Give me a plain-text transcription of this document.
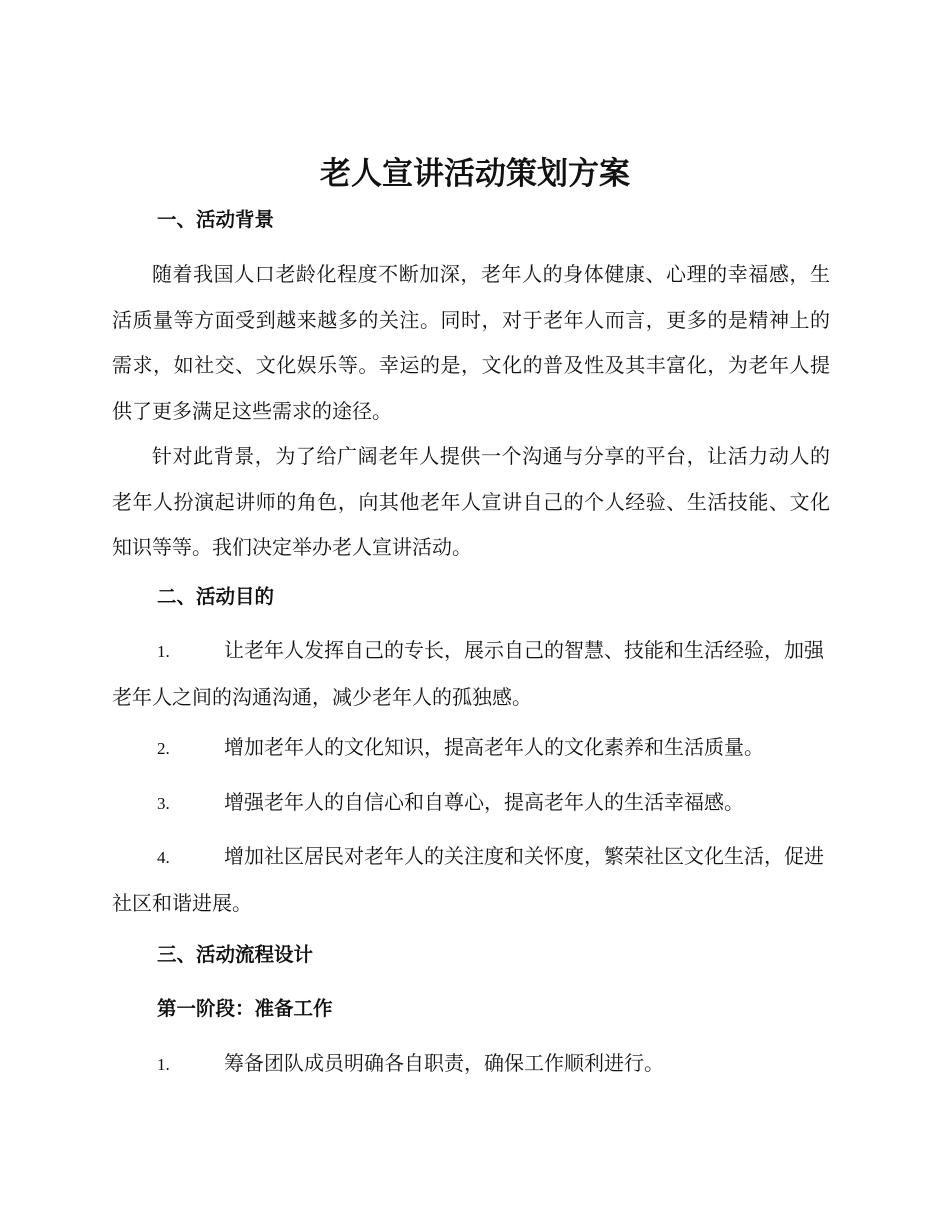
老人宣讲活动策划方案
一、活动背景

随着我国人口老龄化程度不断加深，老年人的身体健康、心理的幸福感，生活质量等方面受到越来越多的关注。同时，对于老年人而言，更多的是精神上的需求，如社交、文化娱乐等。幸运的是，文化的普及性及其丰富化，为老年人提供了更多满足这些需求的途径。

针对此背景，为了给广阔老年人提供一个沟通与分享的平台，让活力动人的老年人扮演起讲师的角色，向其他老年人宣讲自己的个人经验、生活技能、文化知识等等。我们决定举办老人宣讲活动。

二、活动目的

1.	让老年人发挥自己的专长，展示自己的智慧、技能和生活经验，加强老年人之间的沟通沟通，减少老年人的孤独感。

2.	增加老年人的文化知识，提高老年人的文化素养和生活质量。

3.	增强老年人的自信心和自尊心，提高老年人的生活幸福感。

4.	增加社区居民对老年人的关注度和关怀度，繁荣社区文化生活，促进社区和谐进展。

三、活动流程设计
第一阶段：准备工作

1.	筹备团队成员明确各自职责，确保工作顺利进行。
